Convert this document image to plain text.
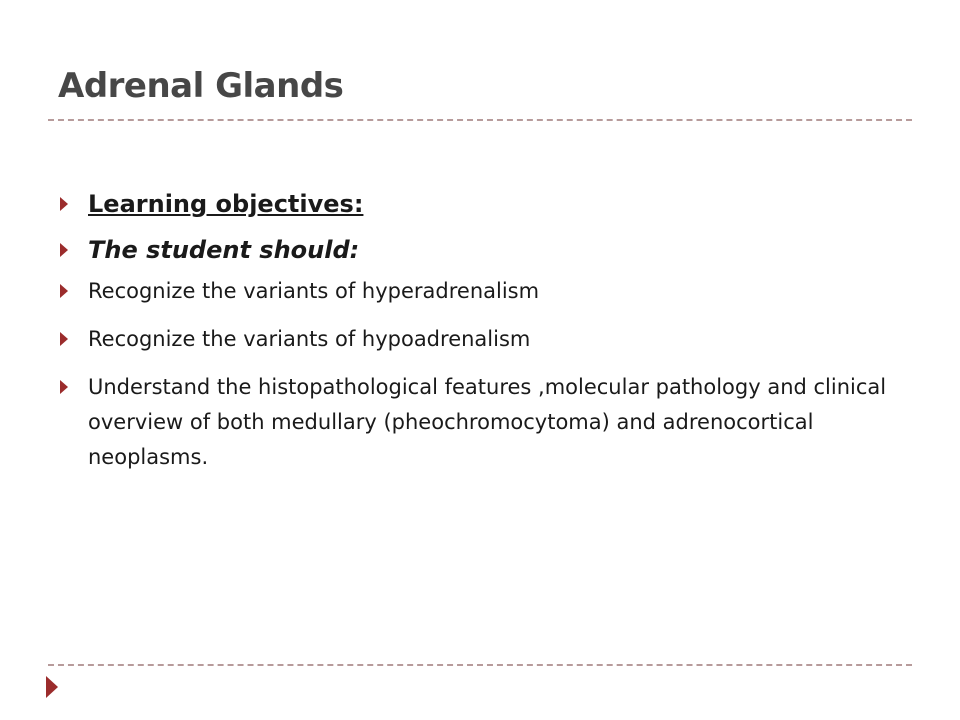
Adrenal Glands
Learning objectives:
The student should:
Recognize the variants of hyperadrenalism
Recognize the variants of hypoadrenalism
Understand the histopathological features ,molecular pathology and clinical overview of both medullary (pheochromocytoma) and adrenocortical neoplasms.
